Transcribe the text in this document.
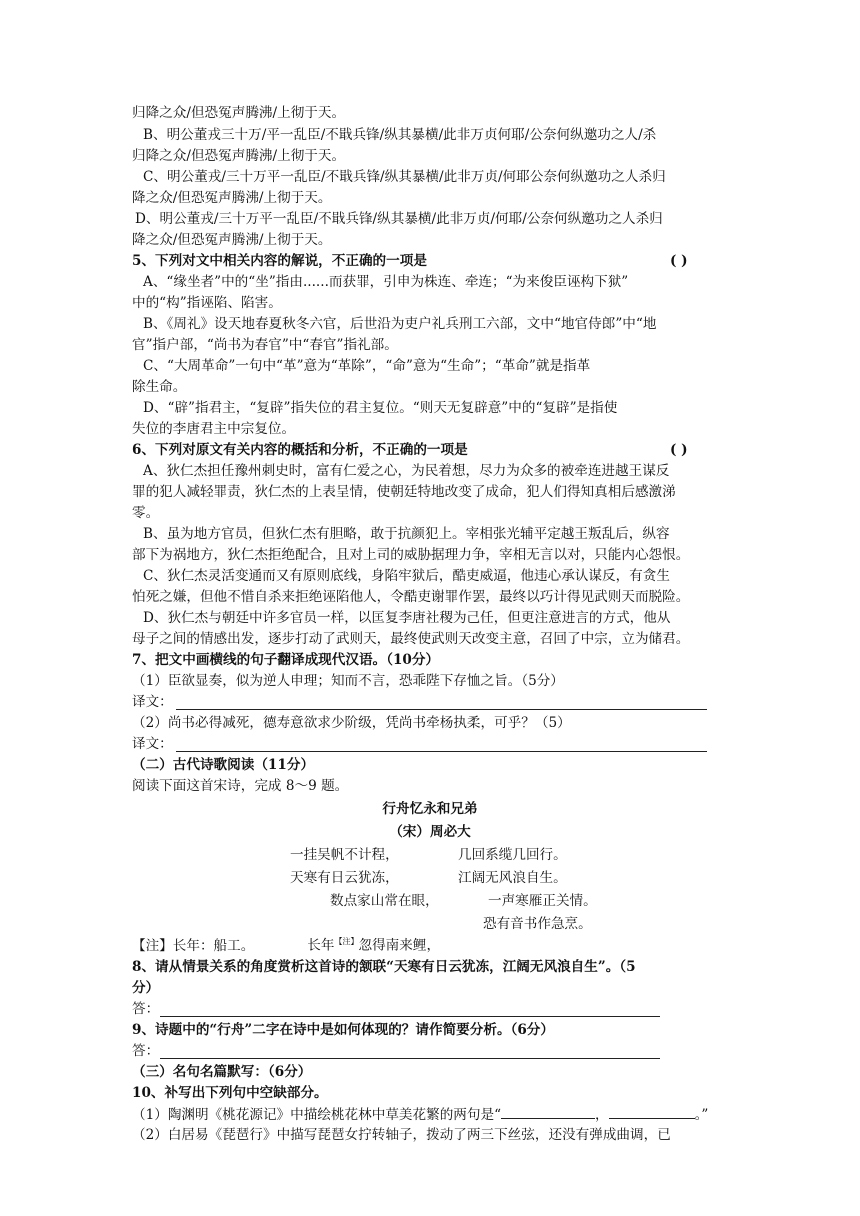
归降之众/但恐冤声腾沸/上彻于天。
B、明公董戎三十万/平一乱臣/不戢兵锋/纵其暴横/此非万贞何耶/公奈何纵邀功之人/杀
归降之众/但恐冤声腾沸/上彻于天。
C、明公董戎/三十万平一乱臣/不戢兵锋/纵其暴横/此非万贞/何耶公奈何纵邀功之人杀归
降之众/但恐冤声腾沸/上彻于天。
D、明公董戎/三十万平一乱臣/不戢兵锋/纵其暴横/此非万贞/何耶/公奈何纵邀功之人杀归
降之众/但恐冤声腾沸/上彻于天。
5、下列对文中相关内容的解说，不正确的一项是	( )
A、“缘坐者”中的“坐”指由......而获罪，引申为株连、牵连；“为来俊臣诬构下狱”
中的“构”指诬陷、陷害。
B、《周礼》设天地春夏秋冬六官，后世沿为吏户礼兵刑工六部，文中“地官侍郎”中“地
官”指户部，“尚书为春官”中“春官”指礼部。
C、“大周革命”一句中“革”意为“革除”，“命”意为“生命”；“革命”就是指革
除生命。
D、“辟”指君主，“复辟”指失位的君主复位。“则天无复辟意”中的“复辟”是指使
失位的李唐君主中宗复位。
6、下列对原文有关内容的概括和分析，不正确的一项是	( )
A、狄仁杰担任豫州刺史时，富有仁爱之心，为民着想，尽力为众多的被牵连进越王谋反
罪的犯人减轻罪责，狄仁杰的上表呈情，使朝廷特地改变了成命，犯人们得知真相后感激涕
零。
B、虽为地方官员，但狄仁杰有胆略，敢于抗颜犯上。宰相张光辅平定越王叛乱后，纵容
部下为祸地方，狄仁杰拒绝配合，且对上司的威胁据理力争，宰相无言以对，只能内心怨恨。
C、狄仁杰灵活变通而又有原则底线，身陷牢狱后，酷吏威逼，他违心承认谋反，有贪生
怕死之嫌，但他不惜自杀来拒绝诬陷他人，令酷吏谢罪作罢，最终以巧计得见武则天而脱险。
D、狄仁杰与朝廷中许多官员一样，以匡复李唐社稷为己任，但更注意进言的方式，他从
母子之间的情感出发，逐步打动了武则天，最终使武则天改变主意，召回了中宗，立为储君。
7、把文中画横线的句子翻译成现代汉语。（10分）
（1）臣欲显奏，似为逆人申理；知而不言，恐乖陛下存恤之旨。（5分）
译文：
（2）尚书必得减死，德寿意欲求少阶级，凭尚书牵杨执柔，可乎？（5）
译文：
（二）古代诗歌阅读（11分）
阅读下面这首宋诗，完成 8～9 题。
行舟忆永和兄弟
（宋）周必大
一挂吴帆不计程，	几回系缆几回行。
天寒有日云犹冻，	江阔无风浪自生。
数点家山常在眼，	一声寒雁正关情。

长年$^{【注】}$忽得南来鲤，

恐有音书作急烹。
【注】长年：船工。
8、请从情景关系的角度赏析这首诗的颔联“天寒有日云犹冻，江阔无风浪自生”。（5
分）
答：
9、诗题中的“行舟”二字在诗中是如何体现的？请作简要分析。（6分）
答：
（三）名句名篇默写：（6分）
10、补写出下列句中空缺部分。
（1）陶渊明《桃花源记》中描绘桃花林中草美花繁的两句是“	，	。”
（2）白居易《琵琶行》中描写琵琶女拧转轴子，拨动了两三下丝弦，还没有弹成曲调，已
